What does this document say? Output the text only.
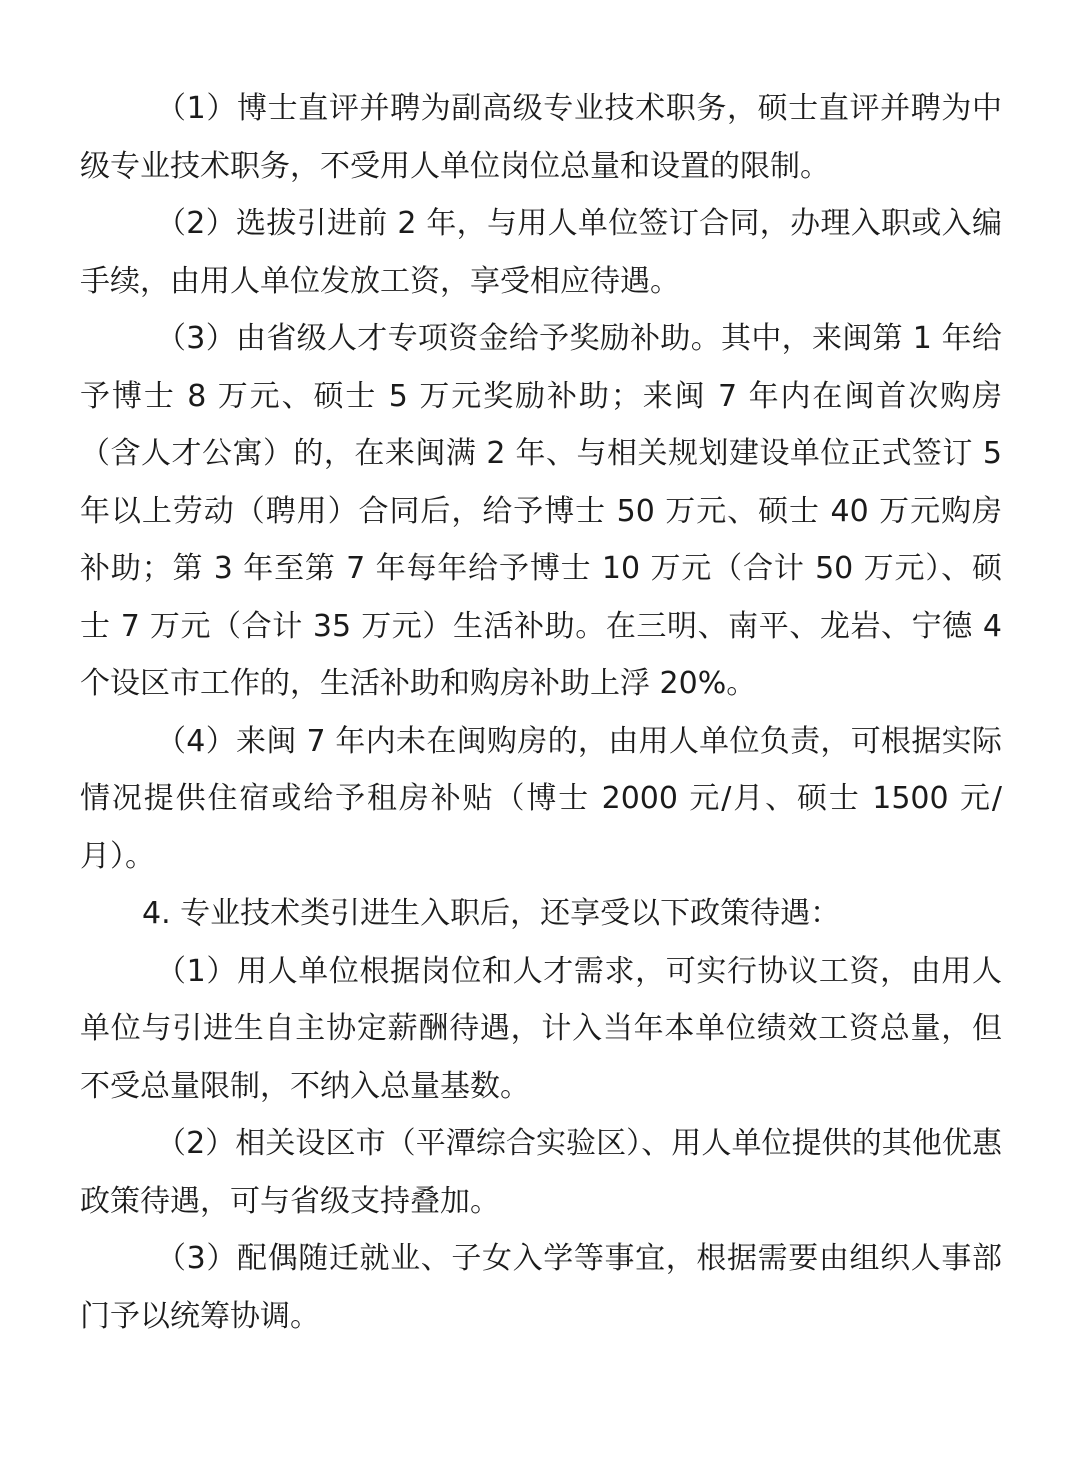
（1）博士直评并聘为副高级专业技术职务，硕士直评并聘为中级专业技术职务，不受用人单位岗位总量和设置的限制。

（2）选拔引进前 2 年，与用人单位签订合同，办理入职或入编手续，由用人单位发放工资，享受相应待遇。

（3）由省级人才专项资金给予奖励补助。其中，来闽第 1 年给予博士 8 万元、硕士 5 万元奖励补助；来闽 7 年内在闽首次购房（含人才公寓）的，在来闽满 2 年、与相关规划建设单位正式签订 5 年以上劳动（聘用）合同后，给予博士 50 万元、硕士 40 万元购房补助；第 3 年至第 7 年每年给予博士 10 万元（合计 50 万元）、硕士 7 万元（合计 35 万元）生活补助。在三明、南平、龙岩、宁德 4 个设区市工作的，生活补助和购房补助上浮 20%。

（4）来闽 7 年内未在闽购房的，由用人单位负责，可根据实际情况提供住宿或给予租房补贴（博士 2000 元/月、硕士 1500 元/月）。

4. 专业技术类引进生入职后，还享受以下政策待遇：

（1）用人单位根据岗位和人才需求，可实行协议工资，由用人单位与引进生自主协定薪酬待遇，计入当年本单位绩效工资总量，但不受总量限制，不纳入总量基数。

（2）相关设区市（平潭综合实验区）、用人单位提供的其他优惠政策待遇，可与省级支持叠加。

（3）配偶随迁就业、子女入学等事宜，根据需要由组织人事部门予以统筹协调。
